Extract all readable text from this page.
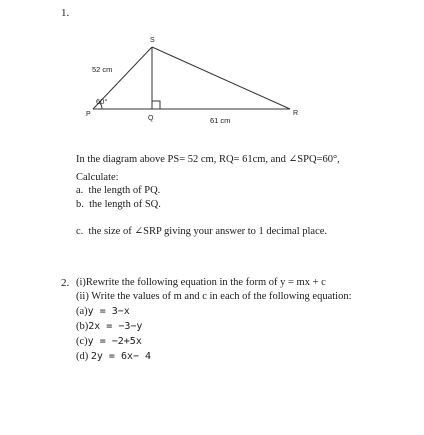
1.
S
P
Q
R
52 cm
60°
61 cm
In the diagram above PS= 52 cm, RQ= 61cm, and ∠SPQ=60°,
Calculate:
a. the length of PQ.
b. the length of SQ.
c. the size of ∠SRP giving your answer to 1 decimal place.
2. (i)Rewrite the following equation in the form of y = mx + c
(ii) Write the values of m and c in each of the following equation:
(a)y = 3−x
(b)2x = −3−y
(c)y = −2+5x
(d) 2y = 6x− 4
